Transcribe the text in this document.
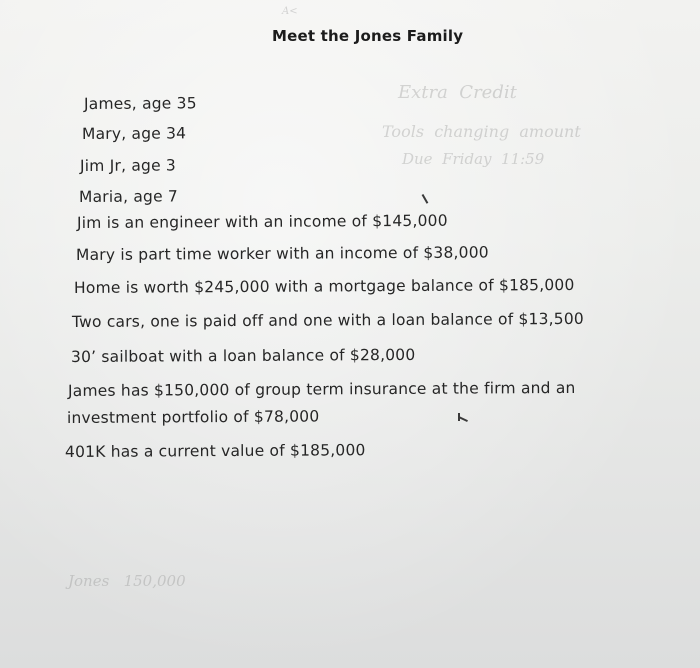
Extra  Credit
Tools  changing  amount
Due  Friday  11:59
Jones   150,000
A<
Meet the Jones Family
James, age 35
Mary, age 34
Jim Jr, age 3
Maria, age 7
Jim is an engineer with an income of $145,000
Mary is part time worker with an income of $38,000
Home is worth $245,000 with a mortgage balance of $185,000
Two cars, one is paid off and one with a loan balance of $13,500
30’ sailboat with a loan balance of $28,000
James has $150,000 of group term insurance at the firm and an
investment portfolio of $78,000
401K has a current value of $185,000
